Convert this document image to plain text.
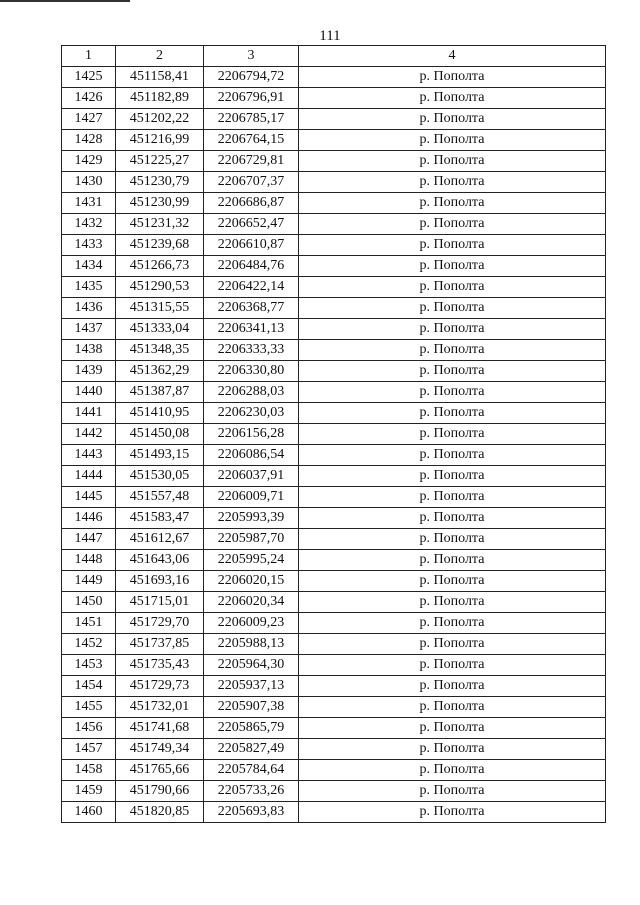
111
1	2	3	4
1425	451158,41	2206794,72	р. Пополта
1426	451182,89	2206796,91	р. Пополта
1427	451202,22	2206785,17	р. Пополта
1428	451216,99	2206764,15	р. Пополта
1429	451225,27	2206729,81	р. Пополта
1430	451230,79	2206707,37	р. Пополта
1431	451230,99	2206686,87	р. Пополта
1432	451231,32	2206652,47	р. Пополта
1433	451239,68	2206610,87	р. Пополта
1434	451266,73	2206484,76	р. Пополта
1435	451290,53	2206422,14	р. Пополта
1436	451315,55	2206368,77	р. Пополта
1437	451333,04	2206341,13	р. Пополта
1438	451348,35	2206333,33	р. Пополта
1439	451362,29	2206330,80	р. Пополта
1440	451387,87	2206288,03	р. Пополта
1441	451410,95	2206230,03	р. Пополта
1442	451450,08	2206156,28	р. Пополта
1443	451493,15	2206086,54	р. Пополта
1444	451530,05	2206037,91	р. Пополта
1445	451557,48	2206009,71	р. Пополта
1446	451583,47	2205993,39	р. Пополта
1447	451612,67	2205987,70	р. Пополта
1448	451643,06	2205995,24	р. Пополта
1449	451693,16	2206020,15	р. Пополта
1450	451715,01	2206020,34	р. Пополта
1451	451729,70	2206009,23	р. Пополта
1452	451737,85	2205988,13	р. Пополта
1453	451735,43	2205964,30	р. Пополта
1454	451729,73	2205937,13	р. Пополта
1455	451732,01	2205907,38	р. Пополта
1456	451741,68	2205865,79	р. Пополта
1457	451749,34	2205827,49	р. Пополта
1458	451765,66	2205784,64	р. Пополта
1459	451790,66	2205733,26	р. Пополта
1460	451820,85	2205693,83	р. Пополта
